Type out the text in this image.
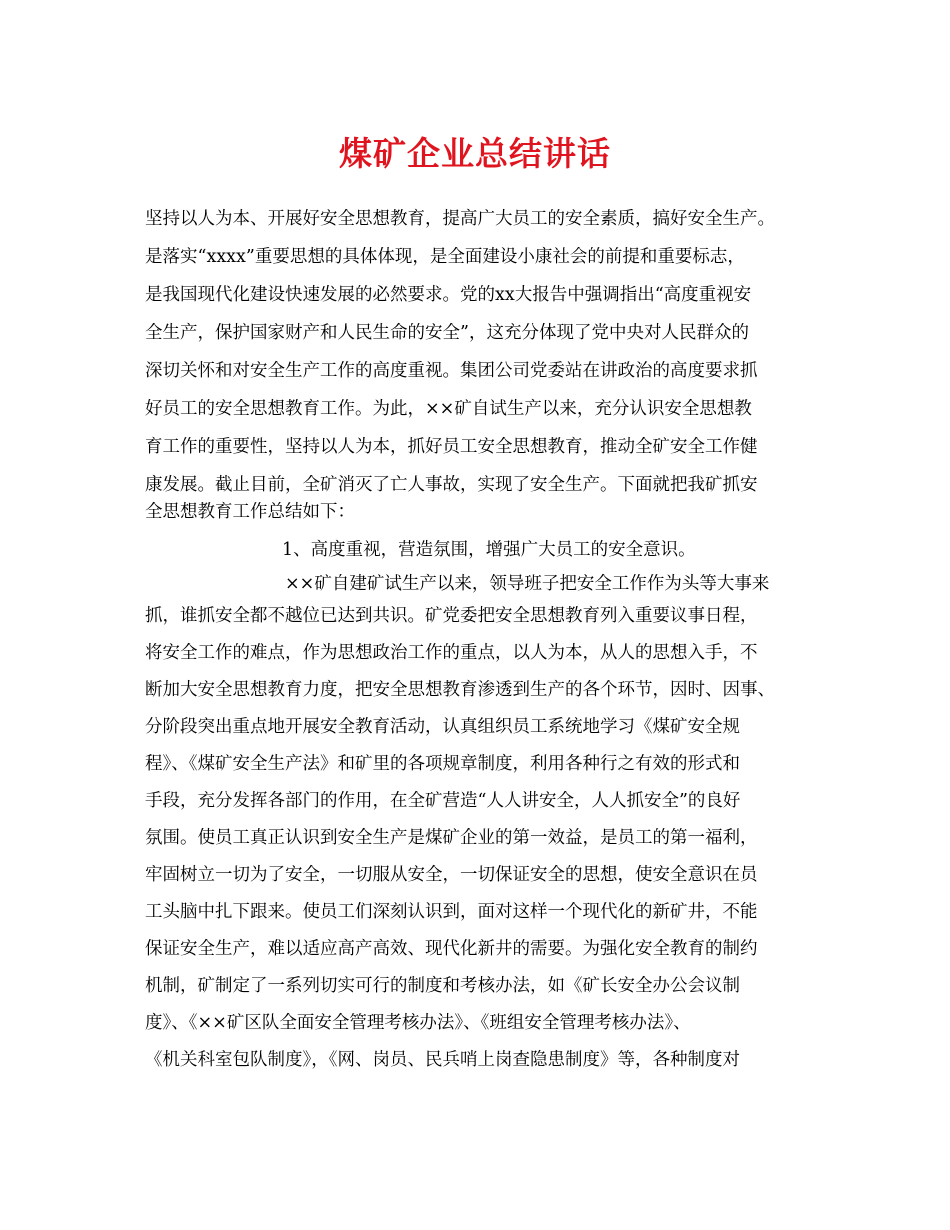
煤矿企业总结讲话

坚持以人为本、开展好安全思想教育，提高广大员工的安全素质，搞好安全生产。

是落实“xxxx”重要思想的具体体现，是全面建设小康社会的前提和重要标志，

是我国现代化建设快速发展的必然要求。党的xx大报告中强调指出“高度重视安

全生产，保护国家财产和人民生命的安全”，这充分体现了党中央对人民群众的

深切关怀和对安全生产工作的高度重视。集团公司党委站在讲政治的高度要求抓

好员工的安全思想教育工作。为此，××矿自试生产以来，充分认识安全思想教

育工作的重要性，坚持以人为本，抓好员工安全思想教育，推动全矿安全工作健

康发展。截止目前，全矿消灭了亡人事故，实现了安全生产。下面就把我矿抓安

全思想教育工作总结如下：

1、高度重视，营造氛围，增强广大员工的安全意识。

××矿自建矿试生产以来，领导班子把安全工作作为头等大事来

抓，谁抓安全都不越位已达到共识。矿党委把安全思想教育列入重要议事日程，

将安全工作的难点，作为思想政治工作的重点，以人为本，从人的思想入手，不

断加大安全思想教育力度，把安全思想教育渗透到生产的各个环节，因时、因事、

分阶段突出重点地开展安全教育活动，认真组织员工系统地学习《煤矿安全规

程》、《煤矿安全生产法》和矿里的各项规章制度，利用各种行之有效的形式和

手段，充分发挥各部门的作用，在全矿营造“人人讲安全，人人抓安全”的良好

氛围。使员工真正认识到安全生产是煤矿企业的第一效益，是员工的第一福利，

牢固树立一切为了安全，一切服从安全，一切保证安全的思想，使安全意识在员

工头脑中扎下跟来。使员工们深刻认识到，面对这样一个现代化的新矿井，不能

保证安全生产，难以适应高产高效、现代化新井的需要。为强化安全教育的制约

机制，矿制定了一系列切实可行的制度和考核办法，如《矿长安全办公会议制

度》、《××矿区队全面安全管理考核办法》、《班组安全管理考核办法》、

《机关科室包队制度》，《网、岗员、民兵哨上岗查隐患制度》等，各种制度对
